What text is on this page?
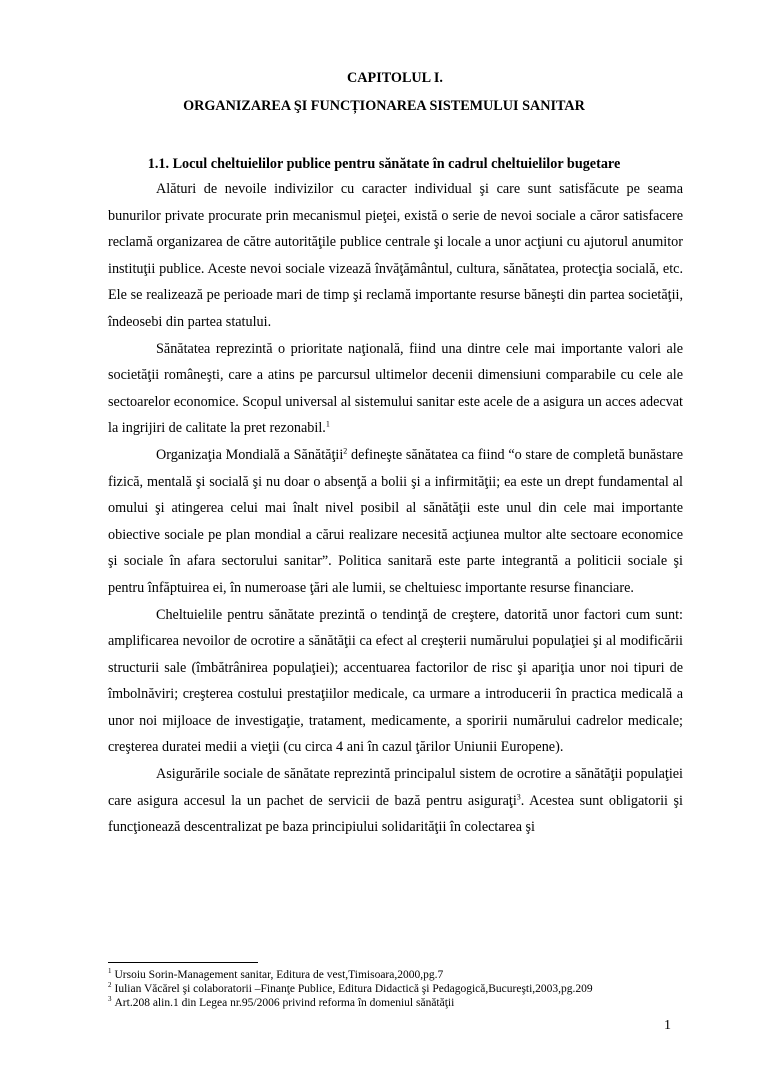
CAPITOLUL I.
ORGANIZAREA ŞI FUNCȚIONAREA SISTEMULUI SANITAR
1.1. Locul cheltuielilor publice pentru sănătate în cadrul cheltuielilor bugetare

Alături de nevoile indivizilor cu caracter individual şi care sunt satisfăcute pe seama bunurilor private procurate prin mecanismul pieţei, există o serie de nevoi sociale a căror satisfacere reclamă organizarea de către autorităţile publice centrale şi locale a unor acţiuni cu ajutorul anumitor instituţii publice. Aceste nevoi sociale vizează învăţământul, cultura, sănătatea, protecţia socială, etc. Ele se realizează pe perioade mari de timp şi reclamă importante resurse băneşti din partea societăţii, îndeosebi din partea statului.

Sănătatea reprezintă o prioritate naţională, fiind una dintre cele mai importante valori ale societăţii româneşti, care a atins pe parcursul ultimelor decenii dimensiuni comparabile cu cele ale sectoarelor economice. Scopul universal al sistemului sanitar este acele de a asigura un acces adecvat la ingrijiri de calitate la pret rezonabil.$^1$

Organizaţia Mondială a Sănătăţii$^2$ defineşte sănătatea ca fiind “o stare de completă bunăstare fizică, mentală şi socială şi nu doar o absenţă a bolii şi a infirmităţii; ea este un drept fundamental al omului şi atingerea celui mai înalt nivel posibil al sănătăţii este unul din cele mai importante obiective sociale pe plan mondial a cărui realizare necesită acţiunea multor alte sectoare economice şi sociale în afara sectorului sanitar”. Politica sanitară este parte integrantă a politicii sociale şi pentru înfăptuirea ei, în numeroase ţări ale lumii, se cheltuiesc importante resurse financiare.

Cheltuielile pentru sănătate prezintă o tendinţă de creştere, datorită unor factori cum sunt: amplificarea nevoilor de ocrotire a sănătăţii ca efect al creşterii numărului populaţiei şi al modificării structurii sale (îmbătrânirea populaţiei); accentuarea factorilor de risc şi apariţia unor noi tipuri de îmbolnăviri; creşterea costului prestaţiilor medicale, ca urmare a introducerii în practica medicală a unor noi mijloace de investigaţie, tratament, medicamente, a sporirii numărului cadrelor medicale; creşterea duratei medii a vieţii (cu circa 4 ani în cazul ţărilor Uniunii Europene).

Asigurările sociale de sănătate reprezintă principalul sistem de ocrotire a sănătăţii populaţiei care asigura accesul la un pachet de servicii de bază pentru asiguraţi$^3$. Acestea sunt obligatorii şi funcţionează descentralizat pe baza principiului solidarităţii în colectarea şi

$^1$ Ursoiu Sorin-Management sanitar, Editura de vest,Timisoara,2000,pg.7
$^2$ Iulian Văcărel şi colaboratorii –Finanţe Publice, Editura Didactică şi Pedagogică,Bucureşti,2003,pg.209
$^3$ Art.208 alin.1 din Legea nr.95/2006 privind reforma în domeniul sănătăţii
1
